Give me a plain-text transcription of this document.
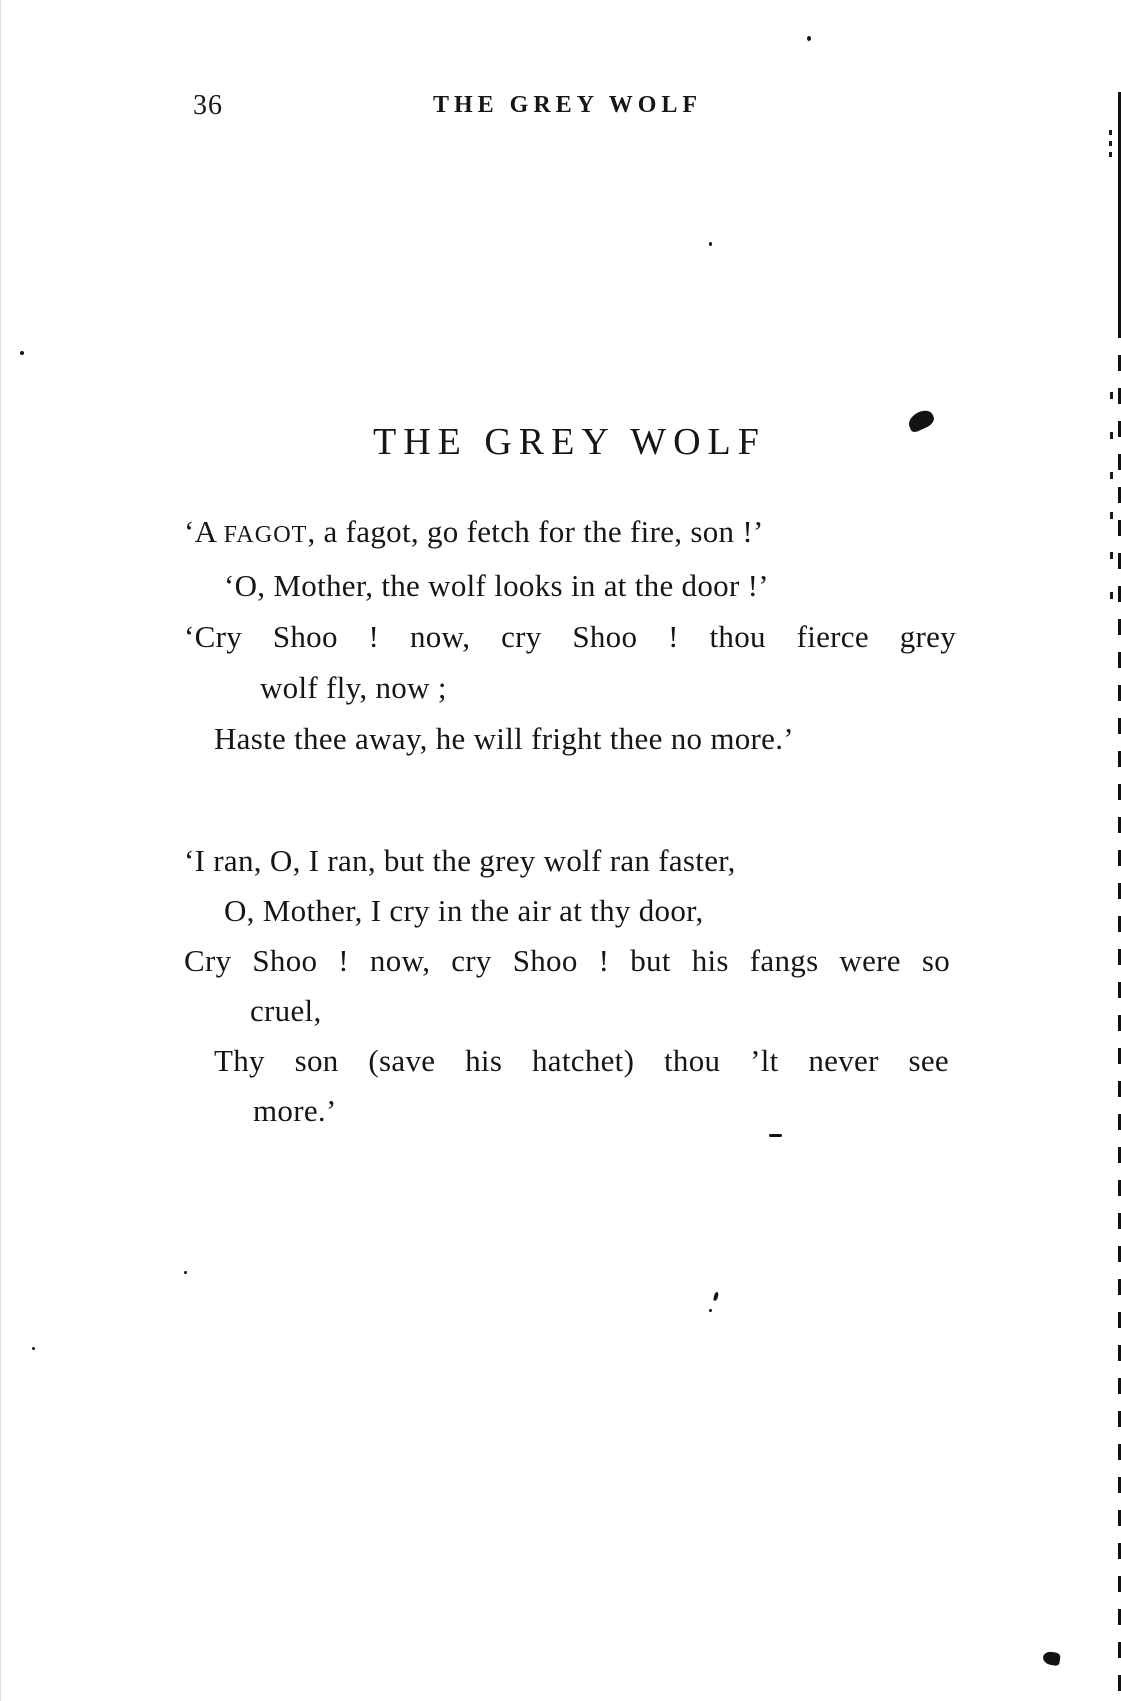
36	THE GREY WOLF
THE GREY WOLF
‘A FAGOT, a fagot, go fetch for the fire, son !’
‘O, Mother, the wolf looks in at the door !’
‘Cry Shoo ! now, cry Shoo ! thou fierce grey
wolf fly, now ;
Haste thee away, he will fright thee no more.’
‘I ran, O, I ran, but the grey wolf ran faster,
O, Mother, I cry in the air at thy door,
Cry Shoo ! now, cry Shoo ! but his fangs were so
cruel,
Thy son (save his hatchet) thou ’lt never see
more.’
